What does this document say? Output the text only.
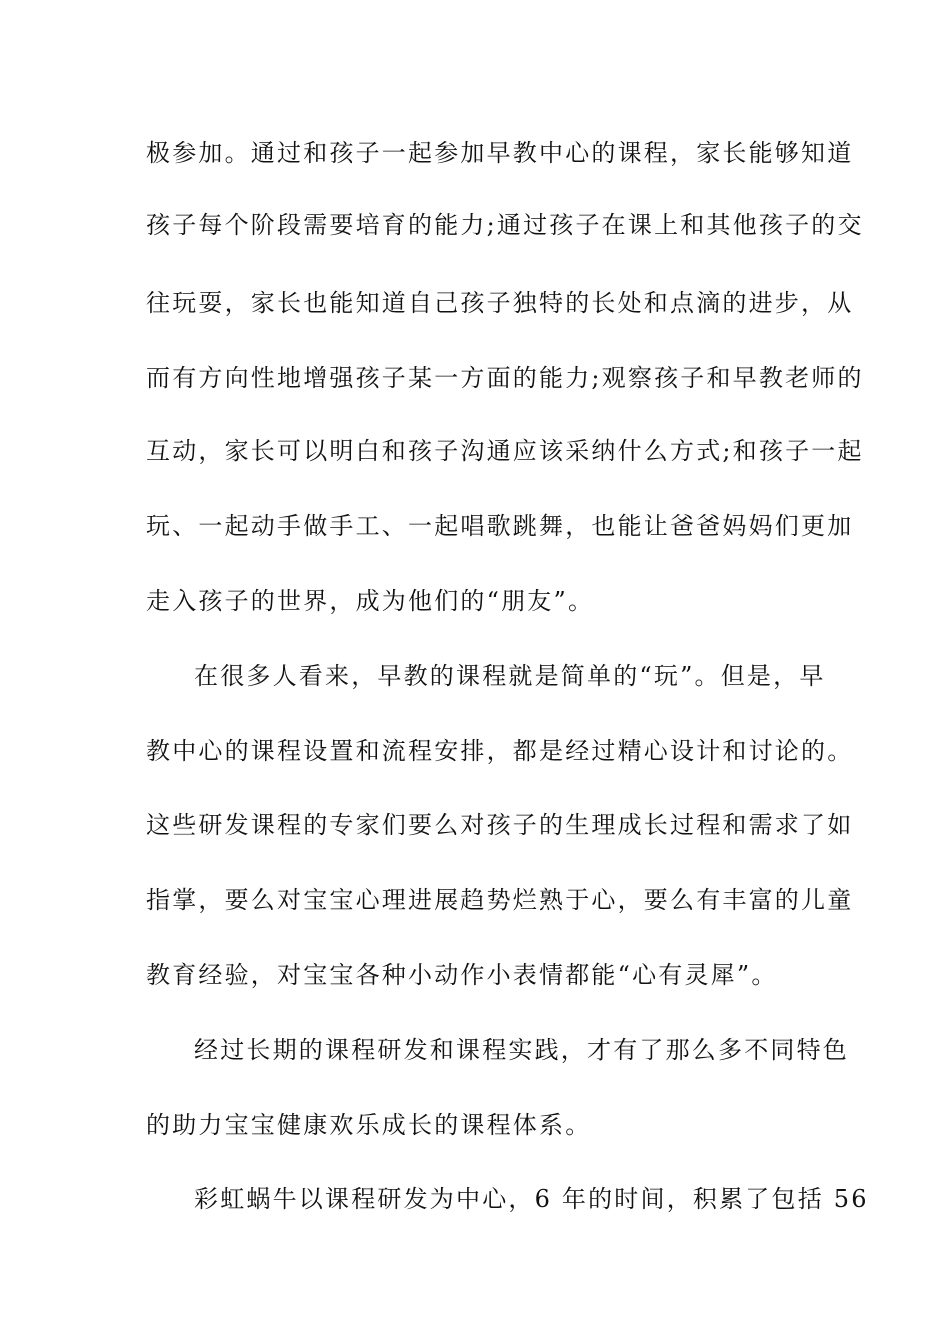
极参加。通过和孩子一起参加早教中心的课程，家长能够知道
孩子每个阶段需要培育的能力;通过孩子在课上和其他孩子的交
往玩耍，家长也能知道自己孩子独特的长处和点滴的进步，从
而有方向性地增强孩子某一方面的能力;观察孩子和早教老师的
互动，家长可以明白和孩子沟通应该采纳什么方式;和孩子一起
玩、一起动手做手工、一起唱歌跳舞，也能让爸爸妈妈们更加
走入孩子的世界，成为他们的“朋友”。
在很多人看来，早教的课程就是简单的“玩”。但是，早
教中心的课程设置和流程安排，都是经过精心设计和讨论的。
这些研发课程的专家们要么对孩子的生理成长过程和需求了如
指掌，要么对宝宝心理进展趋势烂熟于心，要么有丰富的儿童
教育经验，对宝宝各种小动作小表情都能“心有灵犀”。
经过长期的课程研发和课程实践，才有了那么多不同特色
的助力宝宝健康欢乐成长的课程体系。
彩虹蜗牛以课程研发为中心，6 年的时间，积累了包括 56
